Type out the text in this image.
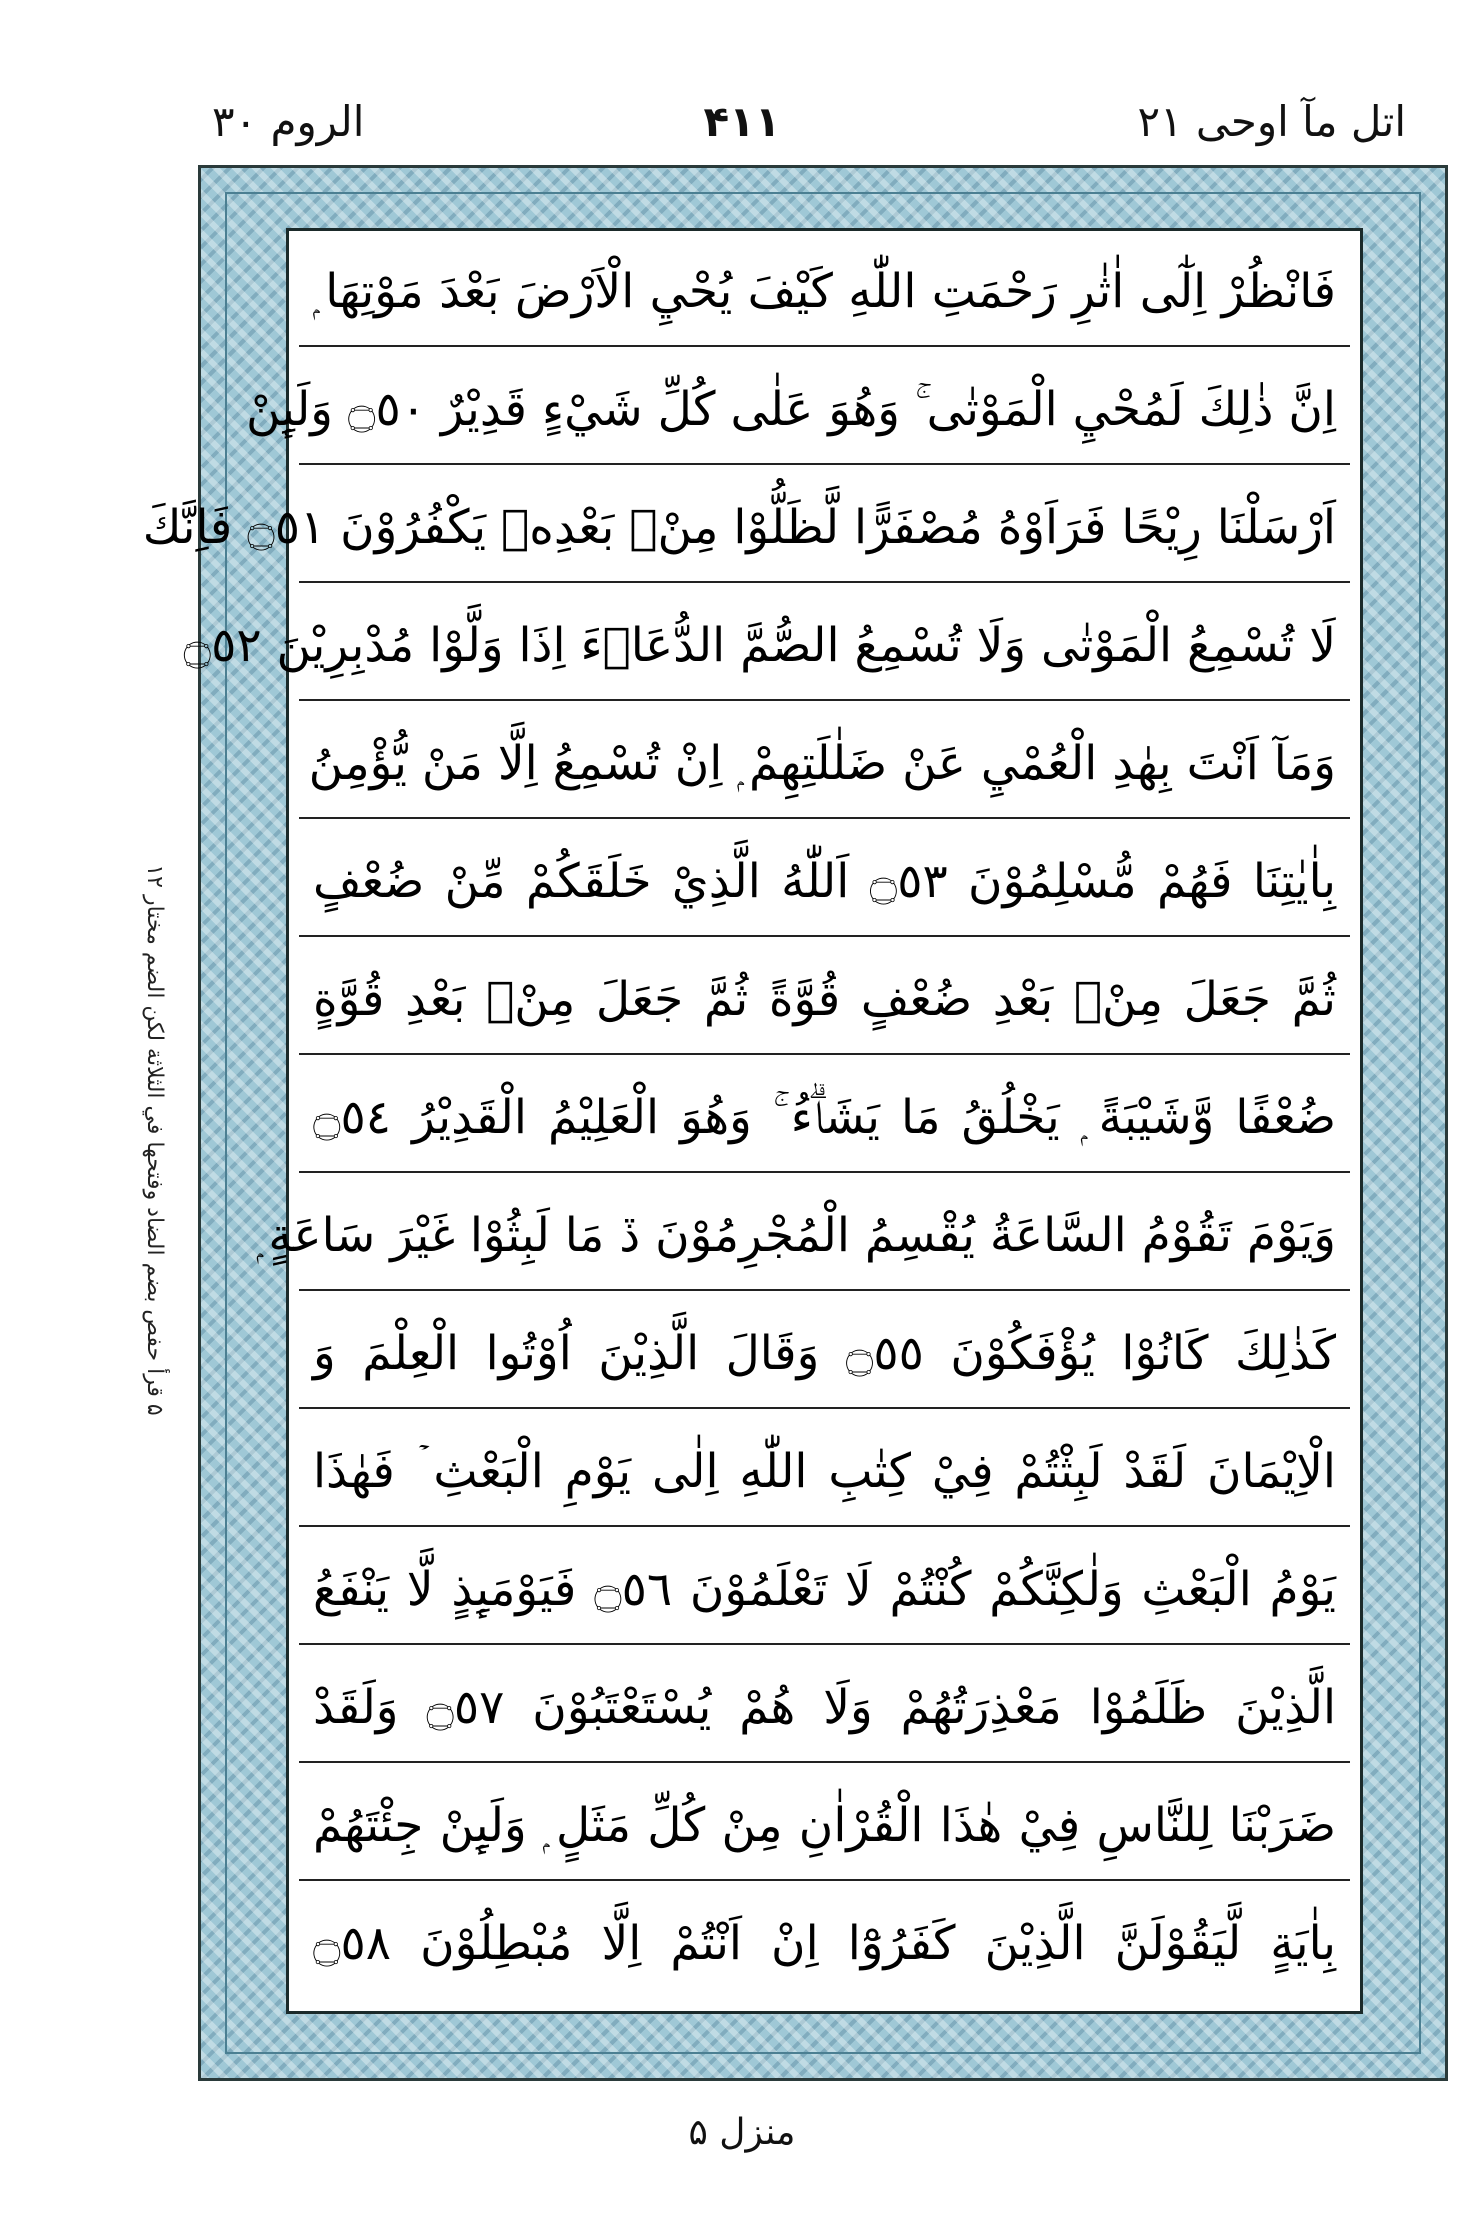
اتل مآ اوحی ۲۱
۴۱۱
الروم ۳۰
۵ قرأ حفص بضم الضاد وفتحها في الثلاثة لكن الضم مختار ۱۲
فَانْظُرْ اِلٰٓى اٰثٰرِ رَحْمَتِ اللّٰهِ كَيْفَ يُحْيِ الْاَرْضَ بَعْدَ مَوْتِهَا ۭ
اِنَّ ذٰلِكَ لَمُحْيِ الْمَوْتٰى ۚ وَهُوَ عَلٰى كُلِّ شَيْءٍ قَدِيْرٌ ۝٥٠ وَلَىِٕنْ
اَرْسَلْنَا رِيْحًا فَرَاَوْهُ مُصْفَرًّا لَّظَلُّوْا مِنْۢ بَعْدِهٖ يَكْفُرُوْنَ ۝٥١ فَاِنَّكَ
لَا تُسْمِعُ الْمَوْتٰى وَلَا تُسْمِعُ الصُّمَّ الدُّعَاۗءَ اِذَا وَلَّوْا مُدْبِرِيْنَ ۝٥٢
وَمَآ اَنْتَ بِهٰدِ الْعُمْيِ عَنْ ضَلٰلَتِهِمْ ۭ اِنْ تُسْمِعُ اِلَّا مَنْ يُّؤْمِنُ
بِاٰيٰتِنَا فَهُمْ مُّسْلِمُوْنَ ۝٥٣ اَللّٰهُ الَّذِيْ خَلَقَكُمْ مِّنْ ضُعْفٍ
ثُمَّ جَعَلَ مِنْۢ بَعْدِ ضُعْفٍ قُوَّةً ثُمَّ جَعَلَ مِنْۢ بَعْدِ قُوَّةٍ
ضُعْفًا وَّشَيْبَةً ۭ يَخْلُقُ مَا يَشَاۗءُ ۚ وَهُوَ الْعَلِيْمُ الْقَدِيْرُ ۝٥٤
وَيَوْمَ تَقُوْمُ السَّاعَةُ يُقْسِمُ الْمُجْرِمُوْنَ ڏ مَا لَبِثُوْا غَيْرَ سَاعَةٍ ۭ
كَذٰلِكَ كَانُوْا يُؤْفَكُوْنَ ۝٥٥ وَقَالَ الَّذِيْنَ اُوْتُوا الْعِلْمَ وَ
الْاِيْمَانَ لَقَدْ لَبِثْتُمْ فِيْ كِتٰبِ اللّٰهِ اِلٰى يَوْمِ الْبَعْثِ ۡ فَهٰذَا
يَوْمُ الْبَعْثِ وَلٰكِنَّكُمْ كُنْتُمْ لَا تَعْلَمُوْنَ ۝٥٦ فَيَوْمَىِٕذٍ لَّا يَنْفَعُ
الَّذِيْنَ ظَلَمُوْا مَعْذِرَتُهُمْ وَلَا هُمْ يُسْتَعْتَبُوْنَ ۝٥٧ وَلَقَدْ
ضَرَبْنَا لِلنَّاسِ فِيْ هٰذَا الْقُرْاٰنِ مِنْ كُلِّ مَثَلٍ ۭ وَلَىِٕنْ جِئْتَهُمْ
بِاٰيَةٍ لَّيَقُوْلَنَّ الَّذِيْنَ كَفَرُوْٓا اِنْ اَنْتُمْ اِلَّا مُبْطِلُوْنَ ۝٥٨
منزل ۵
